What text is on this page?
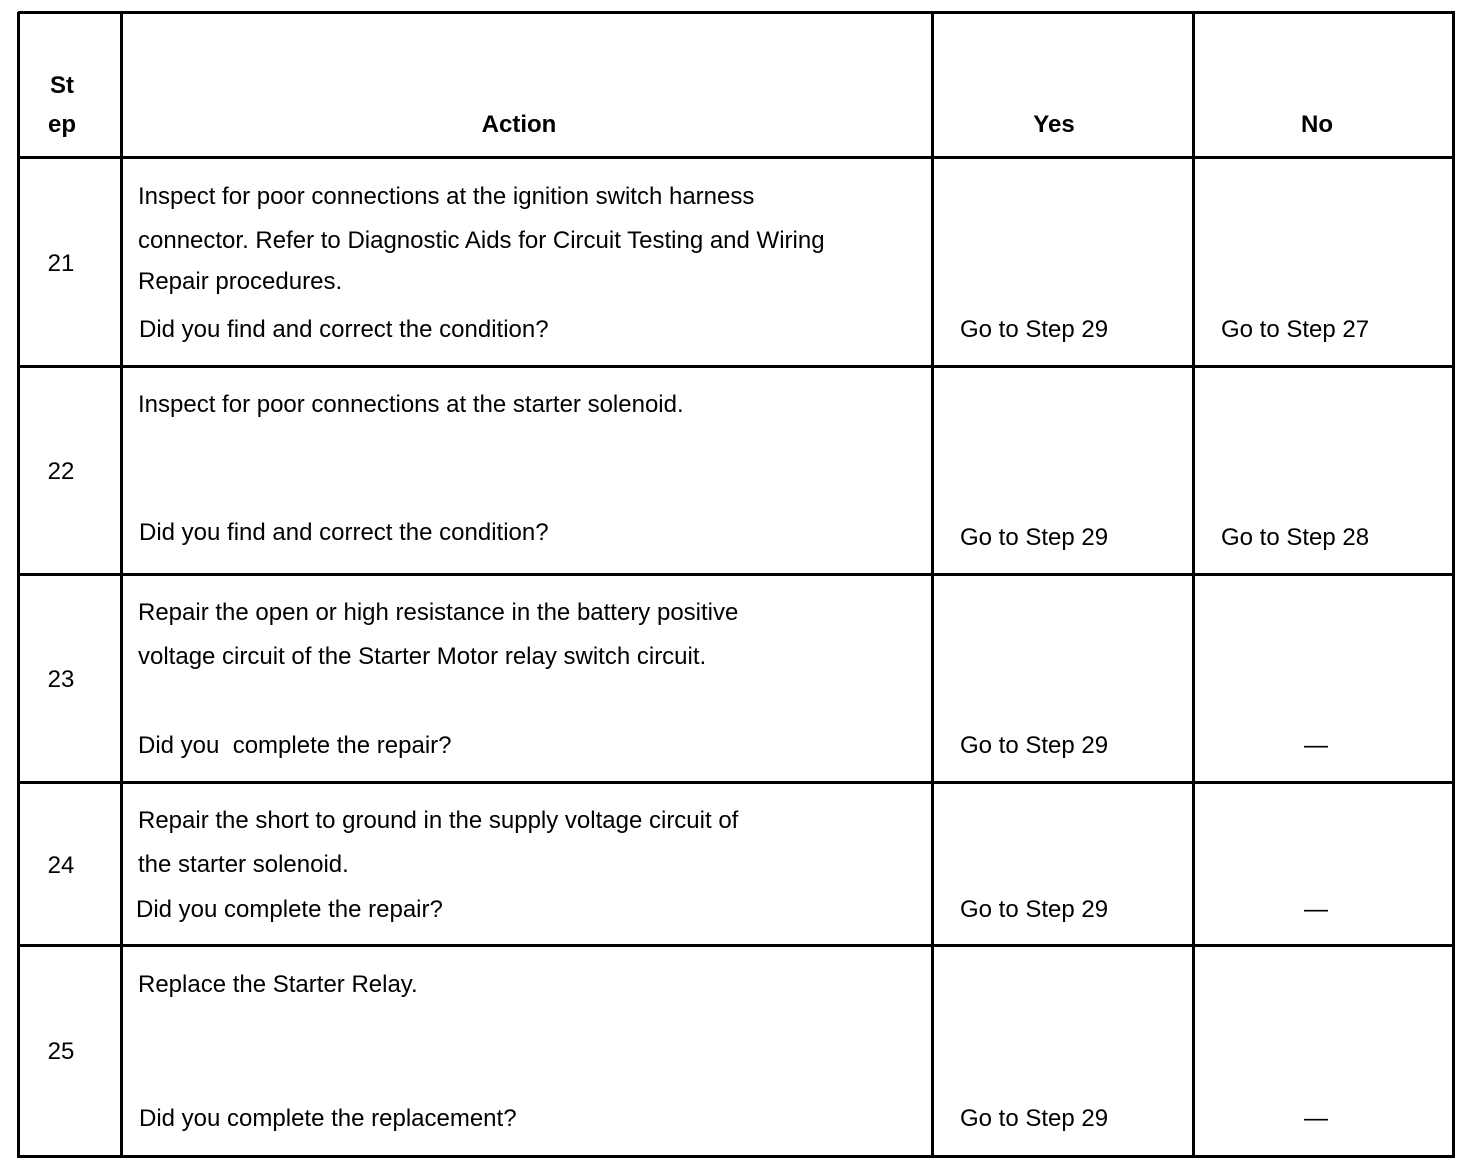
St
ep	Action	Yes	No
21
Inspect for poor connections at the ignition switch harness
connector. Refer to Diagnostic Aids for Circuit Testing and Wiring
Repair procedures.
Did you find and correct the condition?	Go to Step 29	Go to Step 27
22
Inspect for poor connections at the starter solenoid.
Did you find and correct the condition?	Go to Step 29	Go to Step 28
23
Repair the open or high resistance in the battery positive
voltage circuit of the Starter Motor relay switch circuit.
Did you  complete the repair?	Go to Step 29	—
24
Repair the short to ground in the supply voltage circuit of
the starter solenoid.
Did you complete the repair?	Go to Step 29	—
25
Replace the Starter Relay.
Did you complete the replacement?	Go to Step 29	—
